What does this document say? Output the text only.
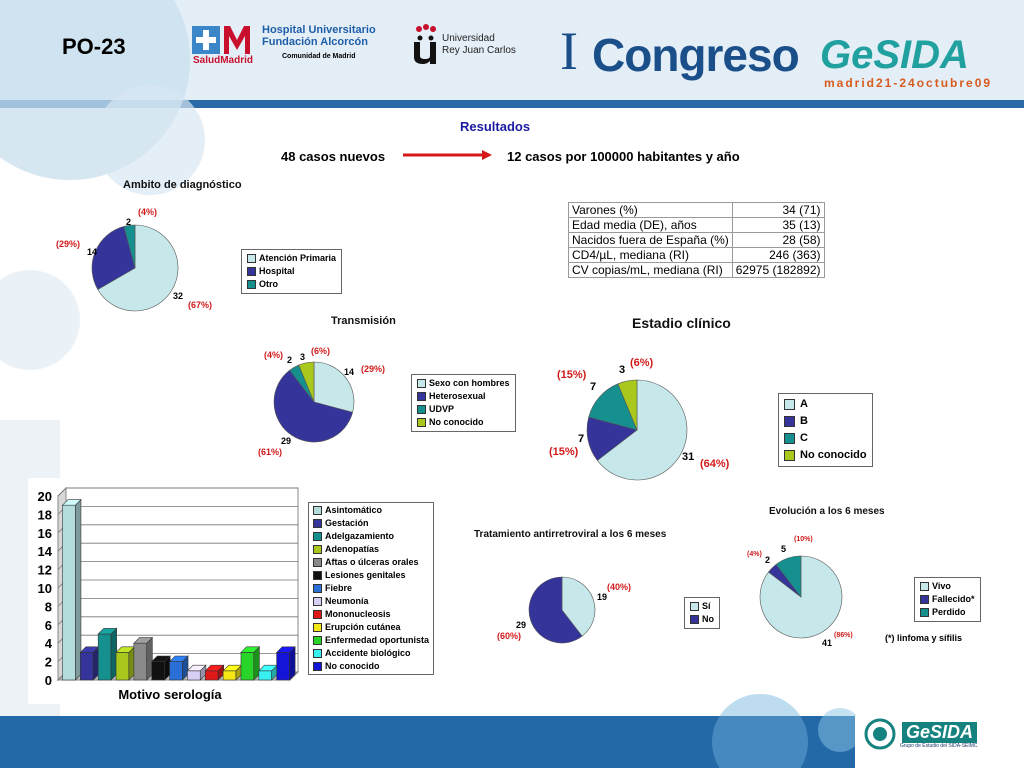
PO-23
SaludMadrid
Hospital Universitario
Fundación Alcorcón
Comunidad de Madrid
Universidad
Rey Juan Carlos I Congreso GeSIDA
madrid21-24octubre09
Resultados
48 casos nuevos	12 casos por 100000 habitantes y año
Varones (%)	34 (71)
Edad media (DE), años	35 (13)
Nacidos fuera de España (%)	28 (58)
CD4/µL, mediana (RI)	246 (363)
CV copias/mL, mediana (RI)	62975 (182892)
Ambito de diagnóstico
2
(4%)
14
(29%)
32
(67%)
Atención Primaria
Hospital
Otro
Transmisión
14 (29%)
29
(61%)
2
(4%) 3
(6%)
Sexo con hombres
Heterosexual
UDVP
No conocido
Estadio clínico
31
(64%)
7
(15%)
7
(15%)	3
(6%)
A
B
C
No conocido
Tratamiento antirretroviral a los 6 meses
19
(40%)
29
(60%)
Sí
No
Evolución a los 6 meses
41
(86%)
2
(4%)
5
(10%)
Vivo
Fallecido*
Perdido
(*) linfoma y sífilis
0
2
4
6
8
10
12
14
16
18
20
Motivo serología
Asintomático
Gestación
Adelgazamiento
Adenopatías
Aftas o úlceras orales
Lesiones genitales
Fiebre
Neumonía
Mononucleosis
Erupción cutánea
Enfermedad oportunista
Accidente biológico
No conocido
GeSIDA
Grupo de Estudio del SIDA-SEIMC
